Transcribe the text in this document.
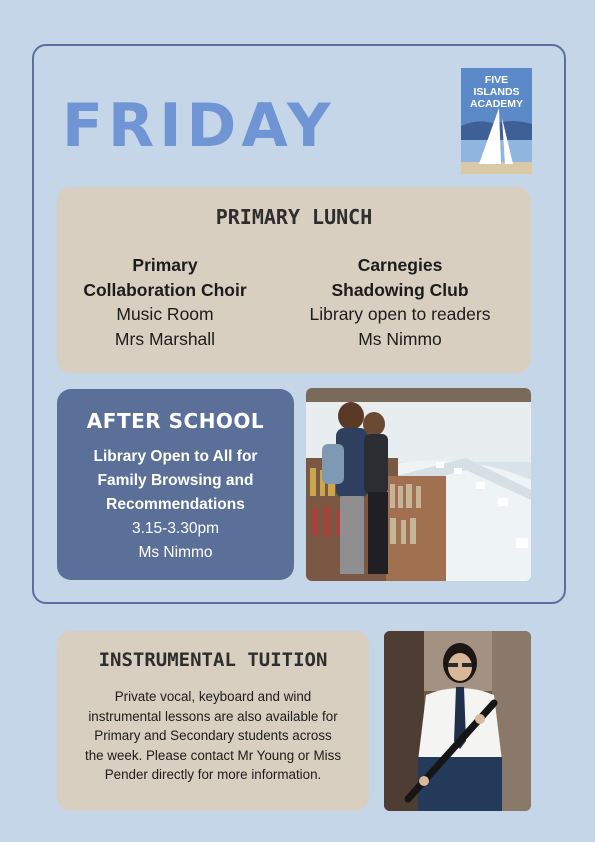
FRIDAY
FIVE ISLANDS
ACADEMY
PRIMARY LUNCH
Primary
Collaboration Choir
Music Room
Mrs Marshall
Carnegies
Shadowing Club
Library open to readers
Ms Nimmo
AFTER SCHOOL
Library Open to All for
Family Browsing and
Recommendations
3.15-3.30pm
Ms Nimmo
INSTRUMENTAL TUITION
Private vocal, keyboard and wind
instrumental lessons are also available for
Primary and Secondary students across
the week. Please contact Mr Young or Miss
Pender directly for more information.
